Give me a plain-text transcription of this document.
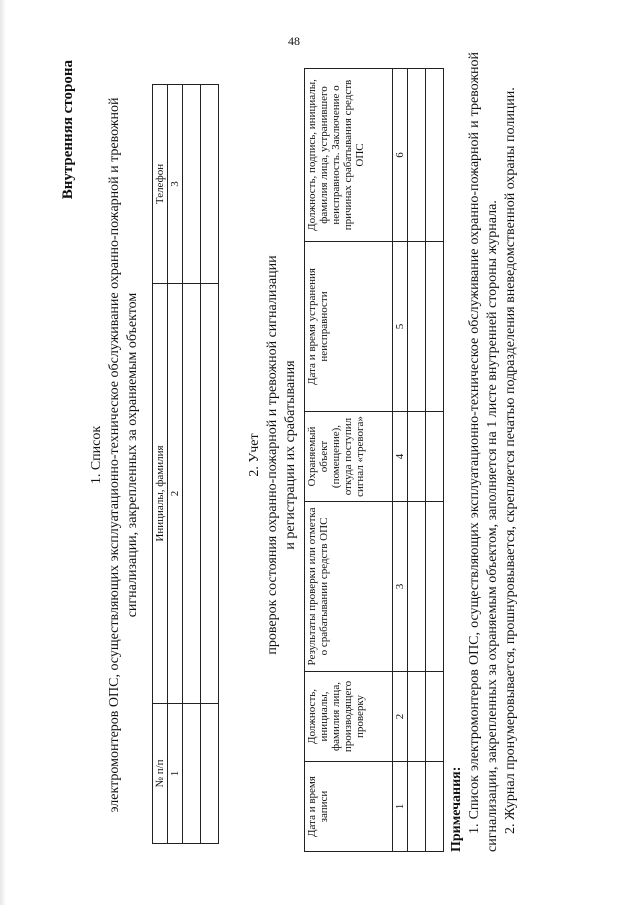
48
Внутренняя сторона
1. Список электромонтеров ОПС, осуществляющих эксплуатационно-техническое обслуживание охранно-пожарной и тревожной сигнализации, закрепленных за охраняемым объектом
№ п/п	Инициалы, фамилия	Телефон
1	2	3

2. Учет проверок состояния охранно-пожарной и тревожной сигнализации и регистрации их срабатывания
Дата и время записи	Должность, инициалы, фамилия лица, производящего проверку	Результаты проверки или отметка о срабатывании средств ОПС	Охраняемый объект (помещение), откуда поступил сигнал «тревога»	Дата и время устранения неисправности	Должность, подпись, инициалы, фамилия лица, устранившего неисправность. Заключение о причинах срабатывания средств ОПС
1	2	3	4	5	6

Примечания: 1. Список электромонтеров ОПС, осуществляющих эксплуатационно-техническое обслуживание охранно-пожарной и тревожной сигнализации, закрепленных за охраняемым объектом, заполняется на 1 листе внутренней стороны журнала. 2. Журнал пронумеровывается, прошнуровывается, скрепляется печатью подразделения вневедомственной охраны полиции.
